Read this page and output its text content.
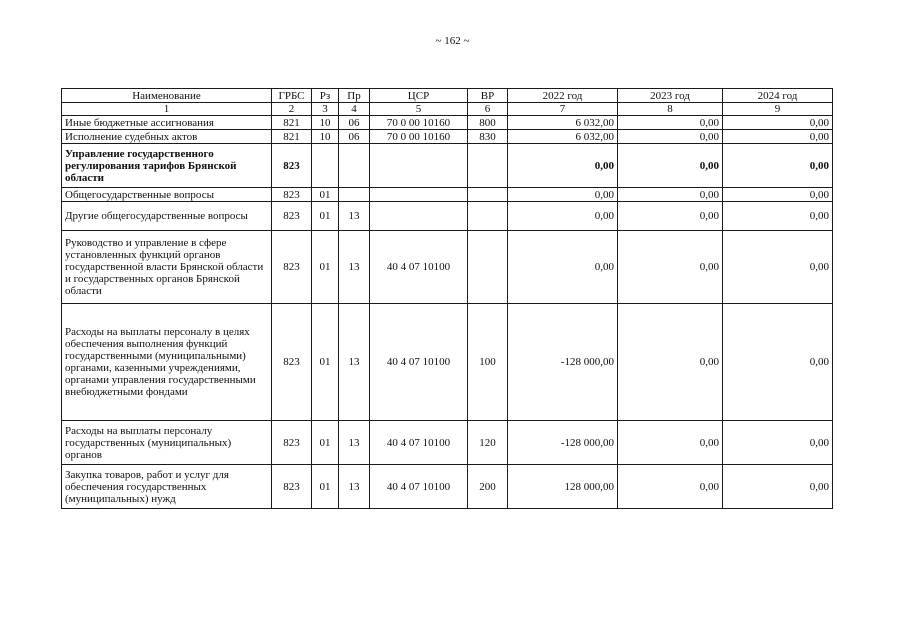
~ 162 ~
Наименование	ГРБС	Рз	Пр	ЦСР	ВР	2022 год	2023 год	2024 год
1	2	3	4	5	6	7	8	9
Иные бюджетные ассигнования	821	10	06	70 0 00 10160	800	6 032,00	0,00	0,00
Исполнение судебных актов	821	10	06	70 0 00 10160	830	6 032,00	0,00	0,00
Управление государственного регулирования тарифов Брянской области	823					0,00	0,00	0,00
Общегосударственные вопросы	823	01				0,00	0,00	0,00
Другие общегосударственные вопросы	823	01	13			0,00	0,00	0,00
Руководство и управление в сфере установленных функций органов государственной власти Брянской области и государственных органов Брянской области	823	01	13	40 4 07 10100		0,00	0,00	0,00
Расходы на выплаты персоналу в целях обеспечения выполнения функций государственными (муниципальными) органами, казенными учреждениями, органами управления государственными внебюджетными фондами	823	01	13	40 4 07 10100	100	-128 000,00	0,00	0,00
Расходы на выплаты персоналу государственных (муниципальных) органов	823	01	13	40 4 07 10100	120	-128 000,00	0,00	0,00
Закупка товаров, работ и услуг для обеспечения государственных (муниципальных) нужд	823	01	13	40 4 07 10100	200	128 000,00	0,00	0,00
